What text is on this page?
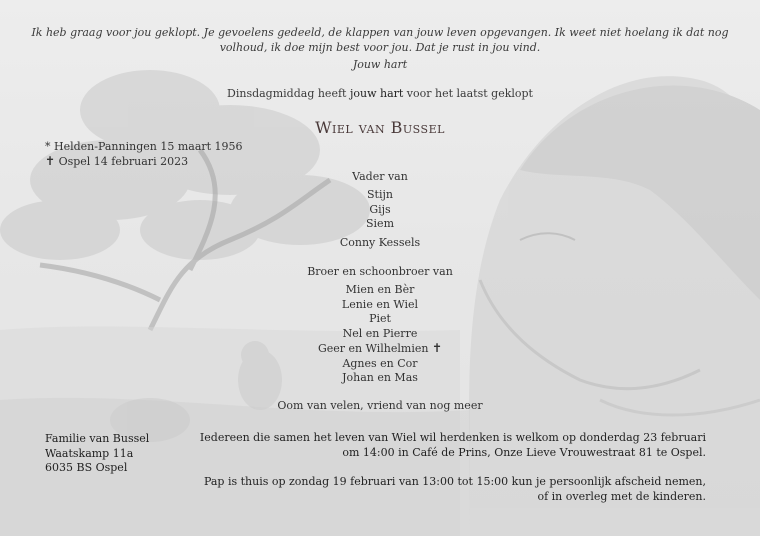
Ik heb graag voor jou geklopt. Je gevoelens gedeeld, de klappen van jouw leven opgevangen. Ik weet niet hoelang ik dat nog
volhoud, ik doe mijn best voor jou. Dat je rust in jou vind.
Jouw hart
Dinsdagmiddag heeft jouw hart voor het laatst geklopt
Wiel van Bussel
* Helden-Panningen 15 maart 1956
✝ Ospel 14 februari 2023
Vader van
Stijn
Gijs
Siem
Conny Kessels
Broer en schoonbroer van
Mien en Bèr
Lenie en Wiel
Piet
Nel en Pierre
Geer en Wilhelmien ✝
Agnes en Cor
Johan en Mas
Oom van velen, vriend van nog meer
Familie van Bussel
Waatskamp 11a
6035 BS Ospel
Iedereen die samen het leven van Wiel wil herdenken is welkom op donderdag 23 februari
om 14:00 in Café de Prins, Onze Lieve Vrouwestraat 81 te Ospel.
Pap is thuis op zondag 19 februari van 13:00 tot 15:00 kun je persoonlijk afscheid nemen,
of in overleg met de kinderen.
